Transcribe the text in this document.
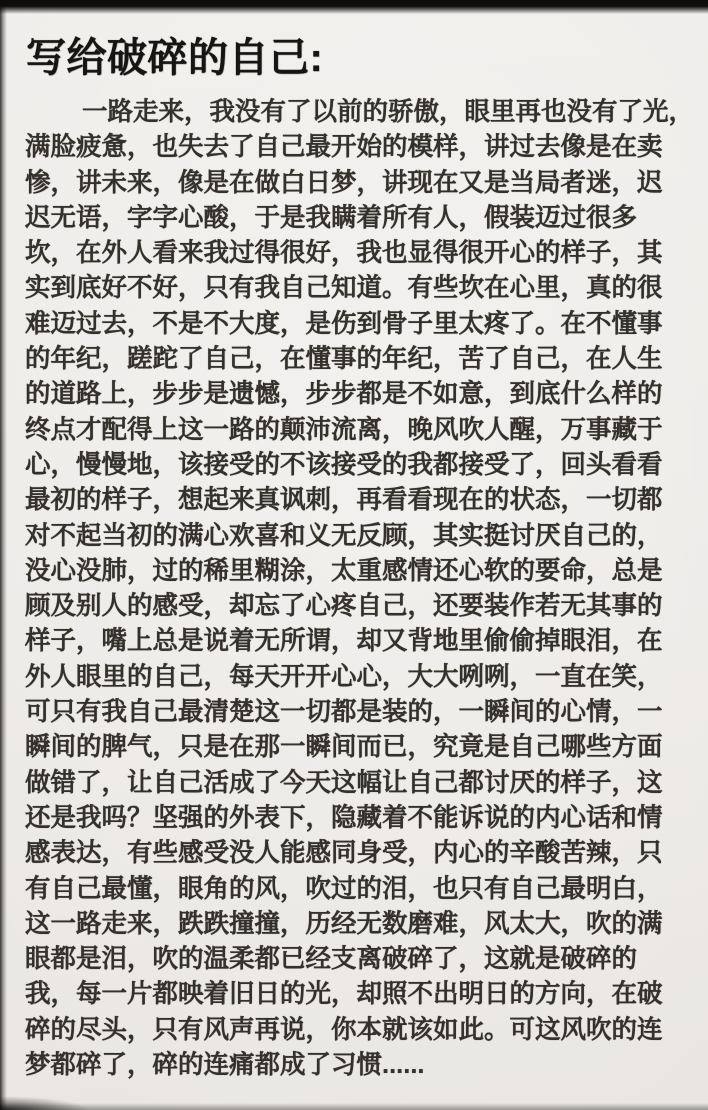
写给破碎的自己:
一路走来，我没有了以前的骄傲，眼里再也没有了光，
满脸疲惫，也失去了自己最开始的模样，讲过去像是在卖
惨，讲未来，像是在做白日梦，讲现在又是当局者迷，迟
迟无语，字字心酸，于是我瞒着所有人，假装迈过很多
坎，在外人看来我过得很好，我也显得很开心的样子，其
实到底好不好，只有我自己知道。有些坎在心里，真的很
难迈过去，不是不大度，是伤到骨子里太疼了。在不懂事
的年纪，蹉跎了自己，在懂事的年纪，苦了自己，在人生
的道路上，步步是遗憾，步步都是不如意，到底什么样的
终点才配得上这一路的颠沛流离，晚风吹人醒，万事藏于
心，慢慢地，该接受的不该接受的我都接受了，回头看看
最初的样子，想起来真讽刺，再看看现在的状态，一切都
对不起当初的满心欢喜和义无反顾，其实挺讨厌自己的，
没心没肺，过的稀里糊涂，太重感情还心软的要命，总是
顾及别人的感受，却忘了心疼自己，还要装作若无其事的
样子，嘴上总是说着无所谓，却又背地里偷偷掉眼泪，在
外人眼里的自己，每天开开心心，大大咧咧，一直在笑，
可只有我自己最清楚这一切都是装的，一瞬间的心情，一
瞬间的脾气，只是在那一瞬间而已，究竟是自己哪些方面
做错了，让自己活成了今天这幅让自己都讨厌的样子，这
还是我吗？坚强的外表下，隐藏着不能诉说的内心话和情
感表达，有些感受没人能感同身受，内心的辛酸苦辣，只
有自己最懂，眼角的风，吹过的泪，也只有自己最明白，
这一路走来，跌跌撞撞，历经无数磨难，风太大，吹的满
眼都是泪，吹的温柔都已经支离破碎了，这就是破碎的
我，每一片都映着旧日的光，却照不出明日的方向，在破
碎的尽头，只有风声再说，你本就该如此。可这风吹的连
梦都碎了，碎的连痛都成了习惯......
